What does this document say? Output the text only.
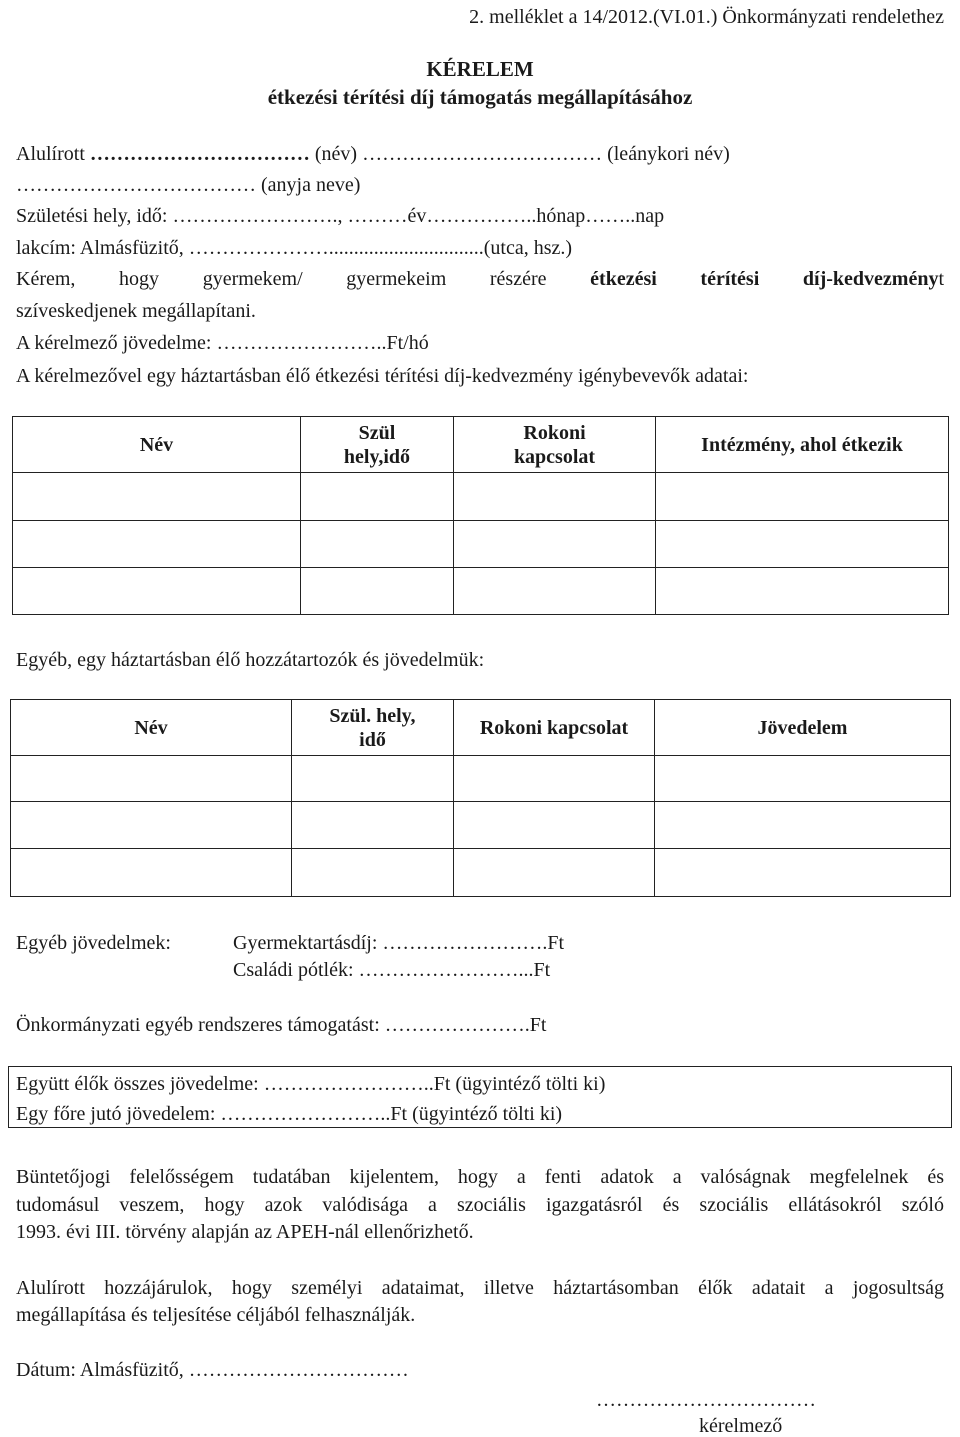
2. melléklet a 14/2012.(VI.01.) Önkormányzati rendelethez
KÉRELEM
étkezési térítési díj támogatás megállapításához
Alulírott …………………………… (név) ……………………………… (leánykori név)
……………………………… (anyja neve)
Születési hely, idő: ……………………., ………év……………..hónap……..nap
lakcím: Almásfüzitő, …………………...............................(utca, hsz.)
Kérem, hogy gyermekem/ gyermekeim részére étkezési térítési díj-kedvezményt
szíveskedjenek megállapítani.
A kérelmező jövedelme: ……………………..Ft/hó
A kérelmezővel egy háztartásban élő étkezési térítési díj-kedvezmény igénybevevők adatai:
Név	Szül hely,idő	Rokoni kapcsolat	Intézmény, ahol étkezik

Egyéb, egy háztartásban élő hozzátartozók és jövedelmük:
Név	Szül. hely, idő	Rokoni kapcsolat	Jövedelem

Egyéb jövedelmek:	Gyermektartásdíj: …………………….Ft
Családi pótlék: ……………………...Ft
Önkormányzati egyéb rendszeres támogatást: ………………….Ft
Együtt élők összes jövedelme: ……………………..Ft (ügyintéző tölti ki)
Egy főre jutó jövedelem: ……………………..Ft (ügyintéző tölti ki)
Büntetőjogi felelősségem tudatában kijelentem, hogy a fenti adatok a valóságnak megfelelnek és
tudomásul veszem, hogy azok valódisága a szociális igazgatásról és szociális ellátásokról szóló
1993. évi III. törvény alapján az APEH-nál ellenőrizhető.
Alulírott hozzájárulok, hogy személyi adataimat, illetve háztartásomban élők adatait a jogosultság
megállapítása és teljesítése céljából felhasználják.
Dátum: Almásfüzitő, ……………………………
……………………………
kérelmező
